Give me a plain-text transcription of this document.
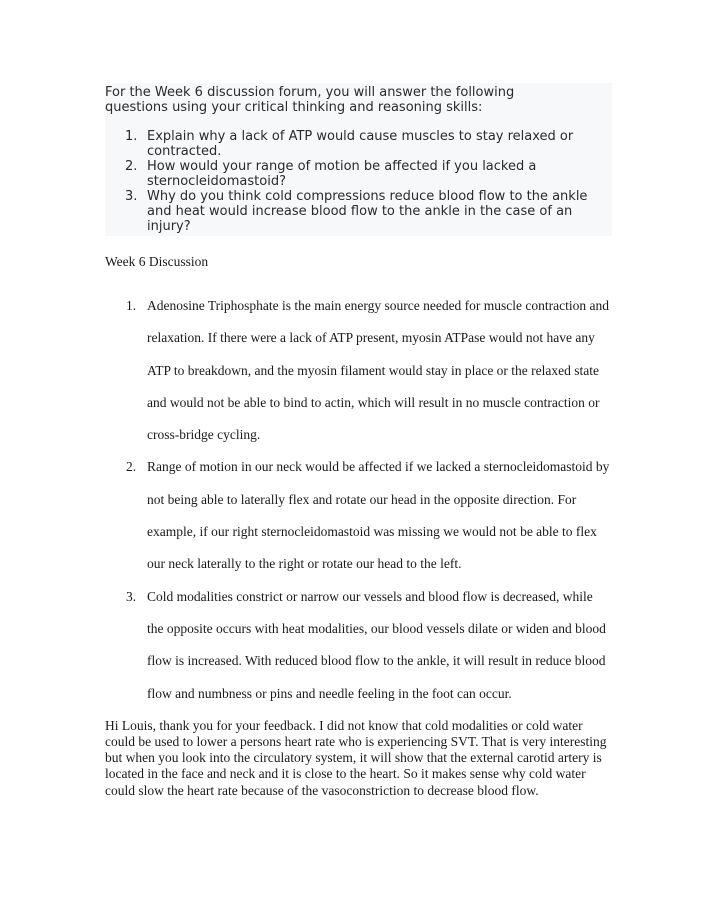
For the Week 6 discussion forum, you will answer the following questions using your critical thinking and reasoning skills:

1. Explain why a lack of ATP would cause muscles to stay relaxed or contracted.
2. How would your range of motion be affected if you lacked a sternocleidomastoid?
3. Why do you think cold compressions reduce blood flow to the ankle and heat would increase blood flow to the ankle in the case of an injury?

Week 6 Discussion

1. Adenosine Triphosphate is the main energy source needed for muscle contraction and relaxation. If there were a lack of ATP present, myosin ATPase would not have any ATP to breakdown, and the myosin filament would stay in place or the relaxed state and would not be able to bind to actin, which will result in no muscle contraction or cross-bridge cycling.
2. Range of motion in our neck would be affected if we lacked a sternocleidomastoid by not being able to laterally flex and rotate our head in the opposite direction. For example, if our right sternocleidomastoid was missing we would not be able to flex our neck laterally to the right or rotate our head to the left.
3. Cold modalities constrict or narrow our vessels and blood flow is decreased, while the opposite occurs with heat modalities, our blood vessels dilate or widen and blood flow is increased. With reduced blood flow to the ankle, it will result in reduce blood flow and numbness or pins and needle feeling in the foot can occur.

Hi Louis, thank you for your feedback. I did not know that cold modalities or cold water could be used to lower a persons heart rate who is experiencing SVT. That is very interesting but when you look into the circulatory system, it will show that the external carotid artery is located in the face and neck and it is close to the heart. So it makes sense why cold water could slow the heart rate because of the vasoconstriction to decrease blood flow.
